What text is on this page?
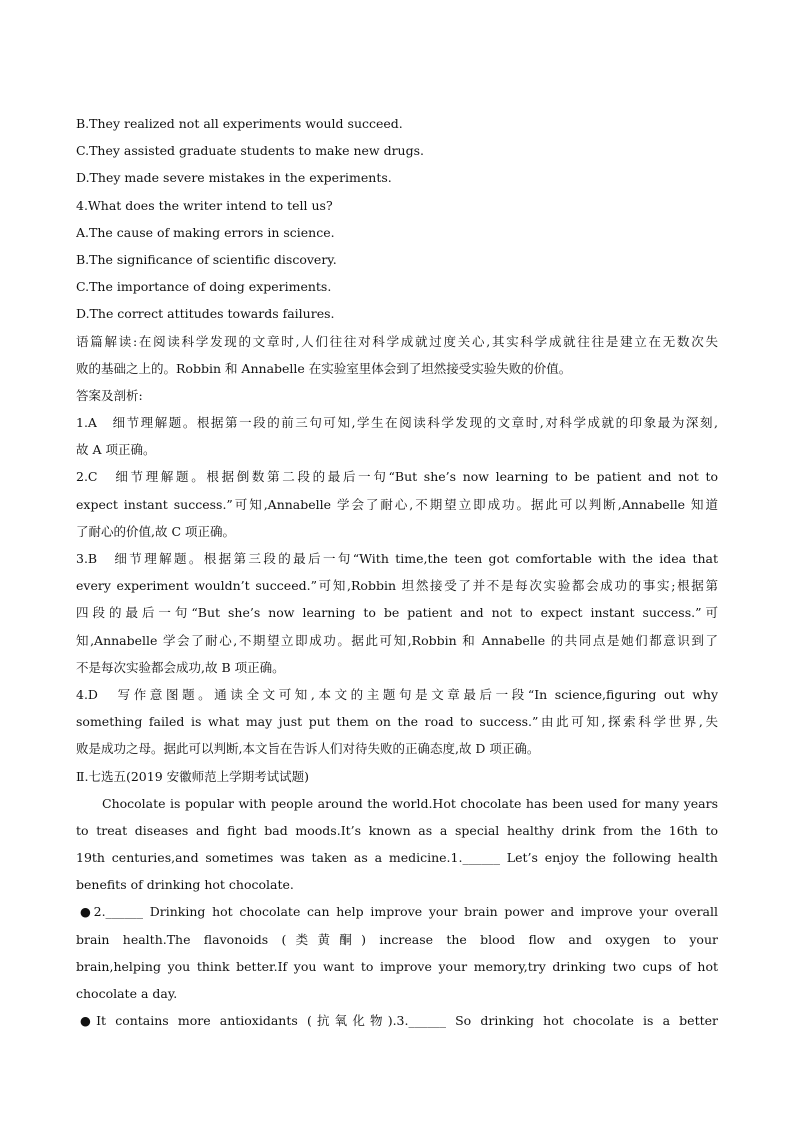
B.They realized not all experiments would succeed.
C.They assisted graduate students to make new drugs.
D.They made severe mistakes in the experiments.
4.What does the writer intend to tell us?
A.The cause of making errors in science.
B.The significance of scientific discovery.
C.The importance of doing experiments.
D.The correct attitudes towards failures.
语篇解读:在阅读科学发现的文章时,人们往往对科学成就过度关心,其实科学成就往往是建立在无数次失
败的基础之上的。Robbin 和 Annabelle 在实验室里体会到了坦然接受实验失败的价值。
答案及剖析:
1.A　细节理解题。根据第一段的前三句可知,学生在阅读科学发现的文章时,对科学成就的印象最为深刻,
故 A 项正确。
2.C　细节理解题。根据倒数第二段的最后一句“But she’s now learning to be patient and not to
expect instant success.”可知,Annabelle 学会了耐心,不期望立即成功。据此可以判断,Annabelle 知道
了耐心的价值,故 C 项正确。
3.B　细节理解题。根据第三段的最后一句“With time,the teen got comfortable with the idea that
every experiment wouldn’t succeed.”可知,Robbin 坦然接受了并不是每次实验都会成功的事实;根据第
四段的最后一句“But she’s now learning to be patient and not to expect instant success.”可
知,Annabelle 学会了耐心,不期望立即成功。据此可知,Robbin 和 Annabelle 的共同点是她们都意识到了
不是每次实验都会成功,故 B 项正确。
4.D　写作意图题。通读全文可知,本文的主题句是文章最后一段“In science,figuring out why
something failed is what may just put them on the road to success.”由此可知,探索科学世界,失
败是成功之母。据此可以判断,本文旨在告诉人们对待失败的正确态度,故 D 项正确。
Ⅱ.七选五(2019 安徽师范上学期考试试题)
Chocolate is popular with people around the world.Hot chocolate has been used for many years
to treat diseases and fight bad moods.It’s known as a special healthy drink from the 16th to
19th centuries,and sometimes was taken as a medicine.1.______ Let’s enjoy the following health
benefits of drinking hot chocolate.
●2.______ Drinking hot chocolate can help improve your brain power and improve your overall
brain health.The flavonoids (类黄酮) increase the blood flow and oxygen to your
brain,helping you think better.If you want to improve your memory,try drinking two cups of hot
chocolate a day.
●It contains more antioxidants (抗氧化物).3.______ So drinking hot chocolate is a better
